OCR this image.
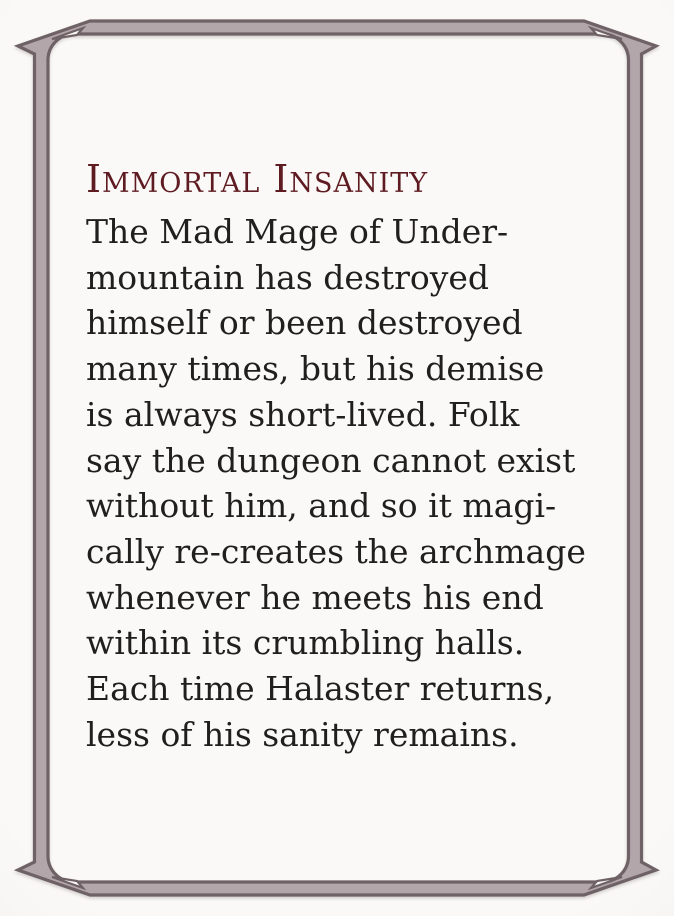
Immortal Insanity
The Mad Mage of Under-
mountain has destroyed
himself or been destroyed
many times, but his demise
is always short-lived. Folk
say the dungeon cannot exist
without him, and so it magi-
cally re-creates the archmage
whenever he meets his end
within its crumbling halls.
Each time Halaster returns,
less of his sanity remains.
